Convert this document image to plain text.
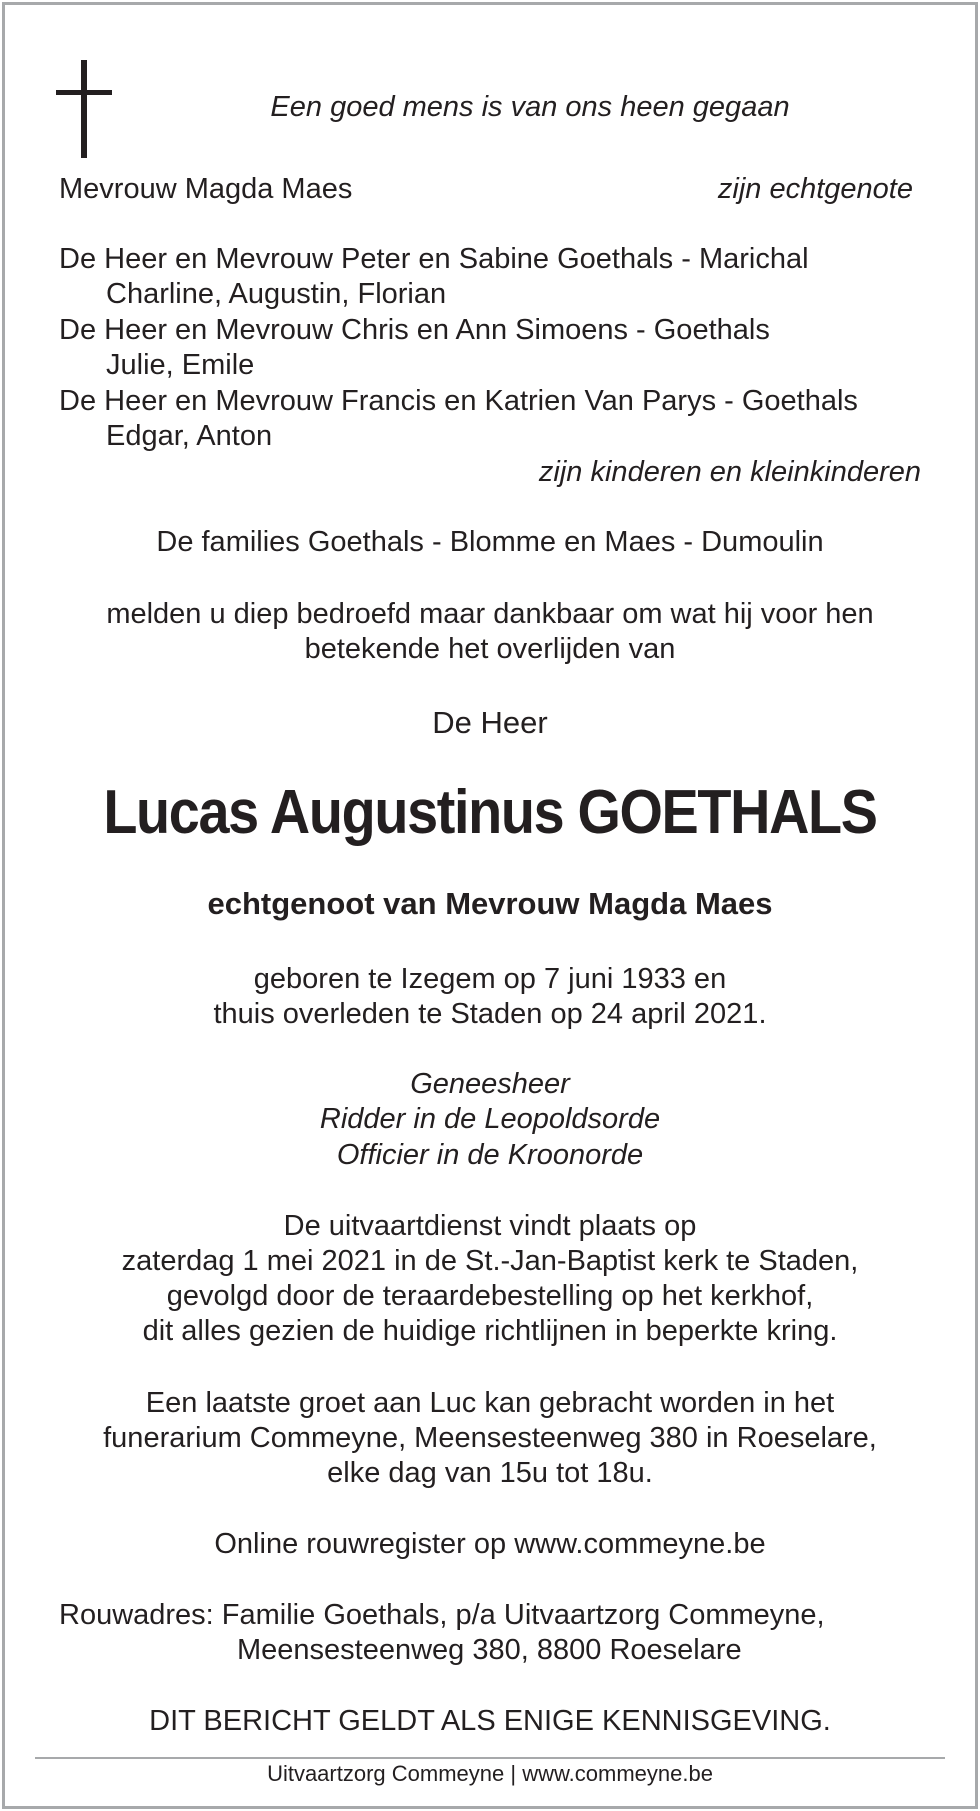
Een goed mens is van ons heen gegaan
Mevrouw Magda Maes	zijn echtgenote
De Heer en Mevrouw Peter en Sabine Goethals - Marichal
Charline, Augustin, Florian
De Heer en Mevrouw Chris en Ann Simoens - Goethals
Julie, Emile
De Heer en Mevrouw Francis en Katrien Van Parys - Goethals
Edgar, Anton
zijn kinderen en kleinkinderen
De families Goethals - Blomme en Maes - Dumoulin
melden u diep bedroefd maar dankbaar om wat hij voor hen
betekende het overlijden van
De Heer
Lucas Augustinus GOETHALS
echtgenoot van Mevrouw Magda Maes
geboren te Izegem op 7 juni 1933 en
thuis overleden te Staden op 24 april 2021.
Geneesheer
Ridder in de Leopoldsorde
Officier in de Kroonorde
De uitvaartdienst vindt plaats op
zaterdag 1 mei 2021 in de St.-Jan-Baptist kerk te Staden,
gevolgd door de teraardebestelling op het kerkhof,
dit alles gezien de huidige richtlijnen in beperkte kring.
Een laatste groet aan Luc kan gebracht worden in het
funerarium Commeyne, Meensesteenweg 380 in Roeselare,
elke dag van 15u tot 18u.
Online rouwregister op www.commeyne.be
Rouwadres: Familie Goethals, p/a Uitvaartzorg Commeyne,
Meensesteenweg 380, 8800 Roeselare
DIT BERICHT GELDT ALS ENIGE KENNISGEVING.
Uitvaartzorg Commeyne | www.commeyne.be
